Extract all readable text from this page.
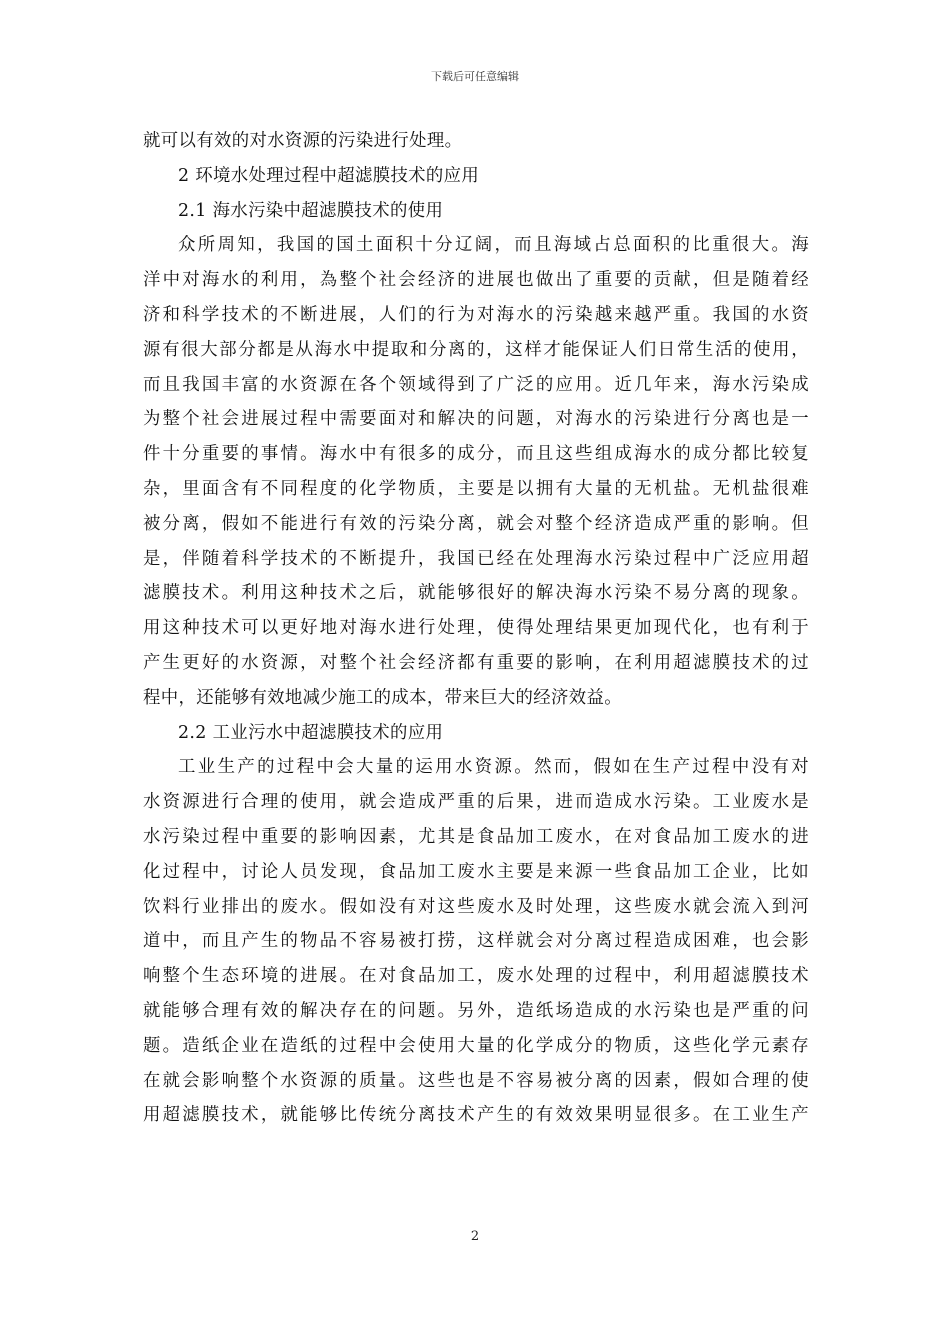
下载后可任意编辑
就可以有效的对水资源的污染进行处理。
2 环境水处理过程中超滤膜技术的应用
2.1 海水污染中超滤膜技术的使用
众所周知，我国的国土面积十分辽阔，而且海域占总面积的比重很大。海
洋中对海水的利用，為整个社会经济的进展也做出了重要的贡献，但是随着经
济和科学技术的不断进展，人们的行为对海水的污染越来越严重。我国的水资
源有很大部分都是从海水中提取和分离的，这样才能保证人们日常生活的使用，
而且我国丰富的水资源在各个领域得到了广泛的应用。近几年来，海水污染成
为整个社会进展过程中需要面对和解决的问题，对海水的污染进行分离也是一
件十分重要的事情。海水中有很多的成分，而且这些组成海水的成分都比较复
杂，里面含有不同程度的化学物质，主要是以拥有大量的无机盐。无机盐很难
被分离，假如不能进行有效的污染分离，就会对整个经济造成严重的影响。但
是，伴随着科学技术的不断提升，我国已经在处理海水污染过程中广泛应用超
滤膜技术。利用这种技术之后，就能够很好的解决海水污染不易分离的现象。
用这种技术可以更好地对海水进行处理，使得处理结果更加现代化，也有利于
产生更好的水资源，对整个社会经济都有重要的影响，在利用超滤膜技术的过
程中，还能够有效地减少施工的成本，带来巨大的经济效益。
2.2 工业污水中超滤膜技术的应用
工业生产的过程中会大量的运用水资源。然而，假如在生产过程中没有对
水资源进行合理的使用，就会造成严重的后果，进而造成水污染。工业废水是
水污染过程中重要的影响因素，尤其是食品加工废水，在对食品加工废水的进
化过程中，讨论人员发现，食品加工废水主要是来源一些食品加工企业，比如
饮料行业排出的废水。假如没有对这些废水及时处理，这些废水就会流入到河
道中，而且产生的物品不容易被打捞，这样就会对分离过程造成困难，也会影
响整个生态环境的进展。在对食品加工，废水处理的过程中，利用超滤膜技术
就能够合理有效的解决存在的问题。另外，造纸场造成的水污染也是严重的问
题。造纸企业在造纸的过程中会使用大量的化学成分的物质，这些化学元素存
在就会影响整个水资源的质量。这些也是不容易被分离的因素，假如合理的使
用超滤膜技术，就能够比传统分离技术产生的有效效果明显很多。在工业生产
2
